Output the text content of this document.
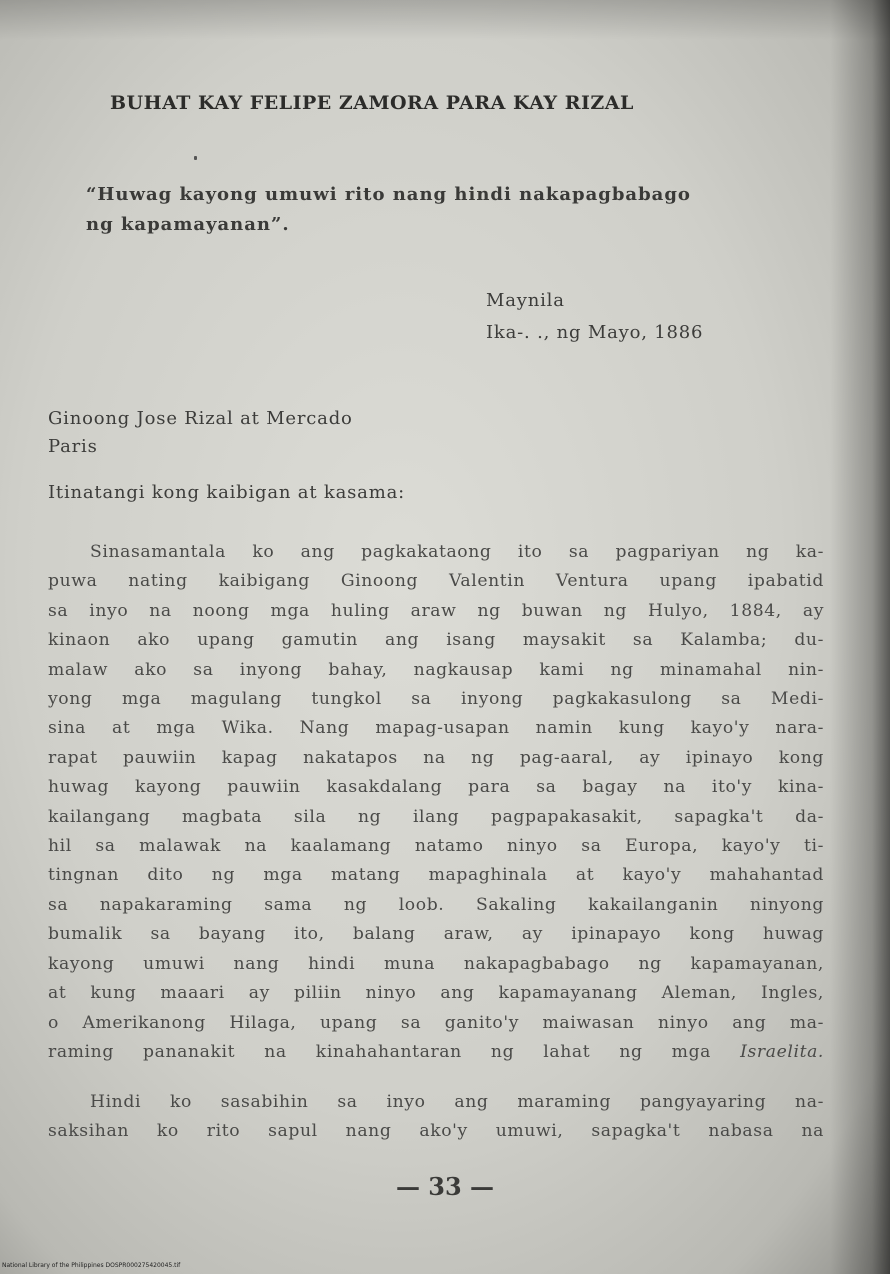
BUHAT KAY FELIPE ZAMORA PARA KAY RIZAL
“Huwag kayong umuwi rito nang hindi nakapagbabago
ng kapamayanan”.
Maynila
Ika-. ., ng Mayo, 1886
Ginoong Jose Rizal at Mercado
Paris
Itinatangi kong kaibigan at kasama:
Sinasamantala ko ang pagkakataong ito sa pagpariyan ng ka-
puwa nating kaibigang Ginoong Valentin Ventura upang ipabatid
sa inyo na noong mga huling araw ng buwan ng Hulyo, 1884, ay
kinaon ako upang gamutin ang isang maysakit sa Kalamba; du-
malaw ako sa inyong bahay, nagkausap kami ng minamahal nin-
yong mga magulang tungkol sa inyong pagkakasulong sa Medi-
sina at mga Wika. Nang mapag-usapan namin kung kayo'y nara-
rapat pauwiin kapag nakatapos na ng pag-aaral, ay ipinayo kong
huwag kayong pauwiin kasakdalang para sa bagay na ito'y kina-
kailangang magbata sila ng ilang pagpapakasakit, sapagka't da-
hil sa malawak na kaalamang natamo ninyo sa Europa, kayo'y ti-
tingnan dito ng mga matang mapaghinala at kayo'y mahahantad
sa napakaraming sama ng loob. Sakaling kakailanganin ninyong
bumalik sa bayang ito, balang araw, ay ipinapayo kong huwag
kayong umuwi nang hindi muna nakapagbabago ng kapamayanan,
at kung maaari ay piliin ninyo ang kapamayanang Aleman, Ingles,
o Amerikanong Hilaga, upang sa ganito'y maiwasan ninyo ang ma-
raming pananakit na kinahahantaran ng lahat ng mga Israelita.
Hindi ko sasabihin sa inyo ang maraming pangyayaring na-
saksihan ko rito sapul nang ako'y umuwi, sapagka't nabasa na
— 33 —
National Library of the Philippines DOSPR000275420045.tif
